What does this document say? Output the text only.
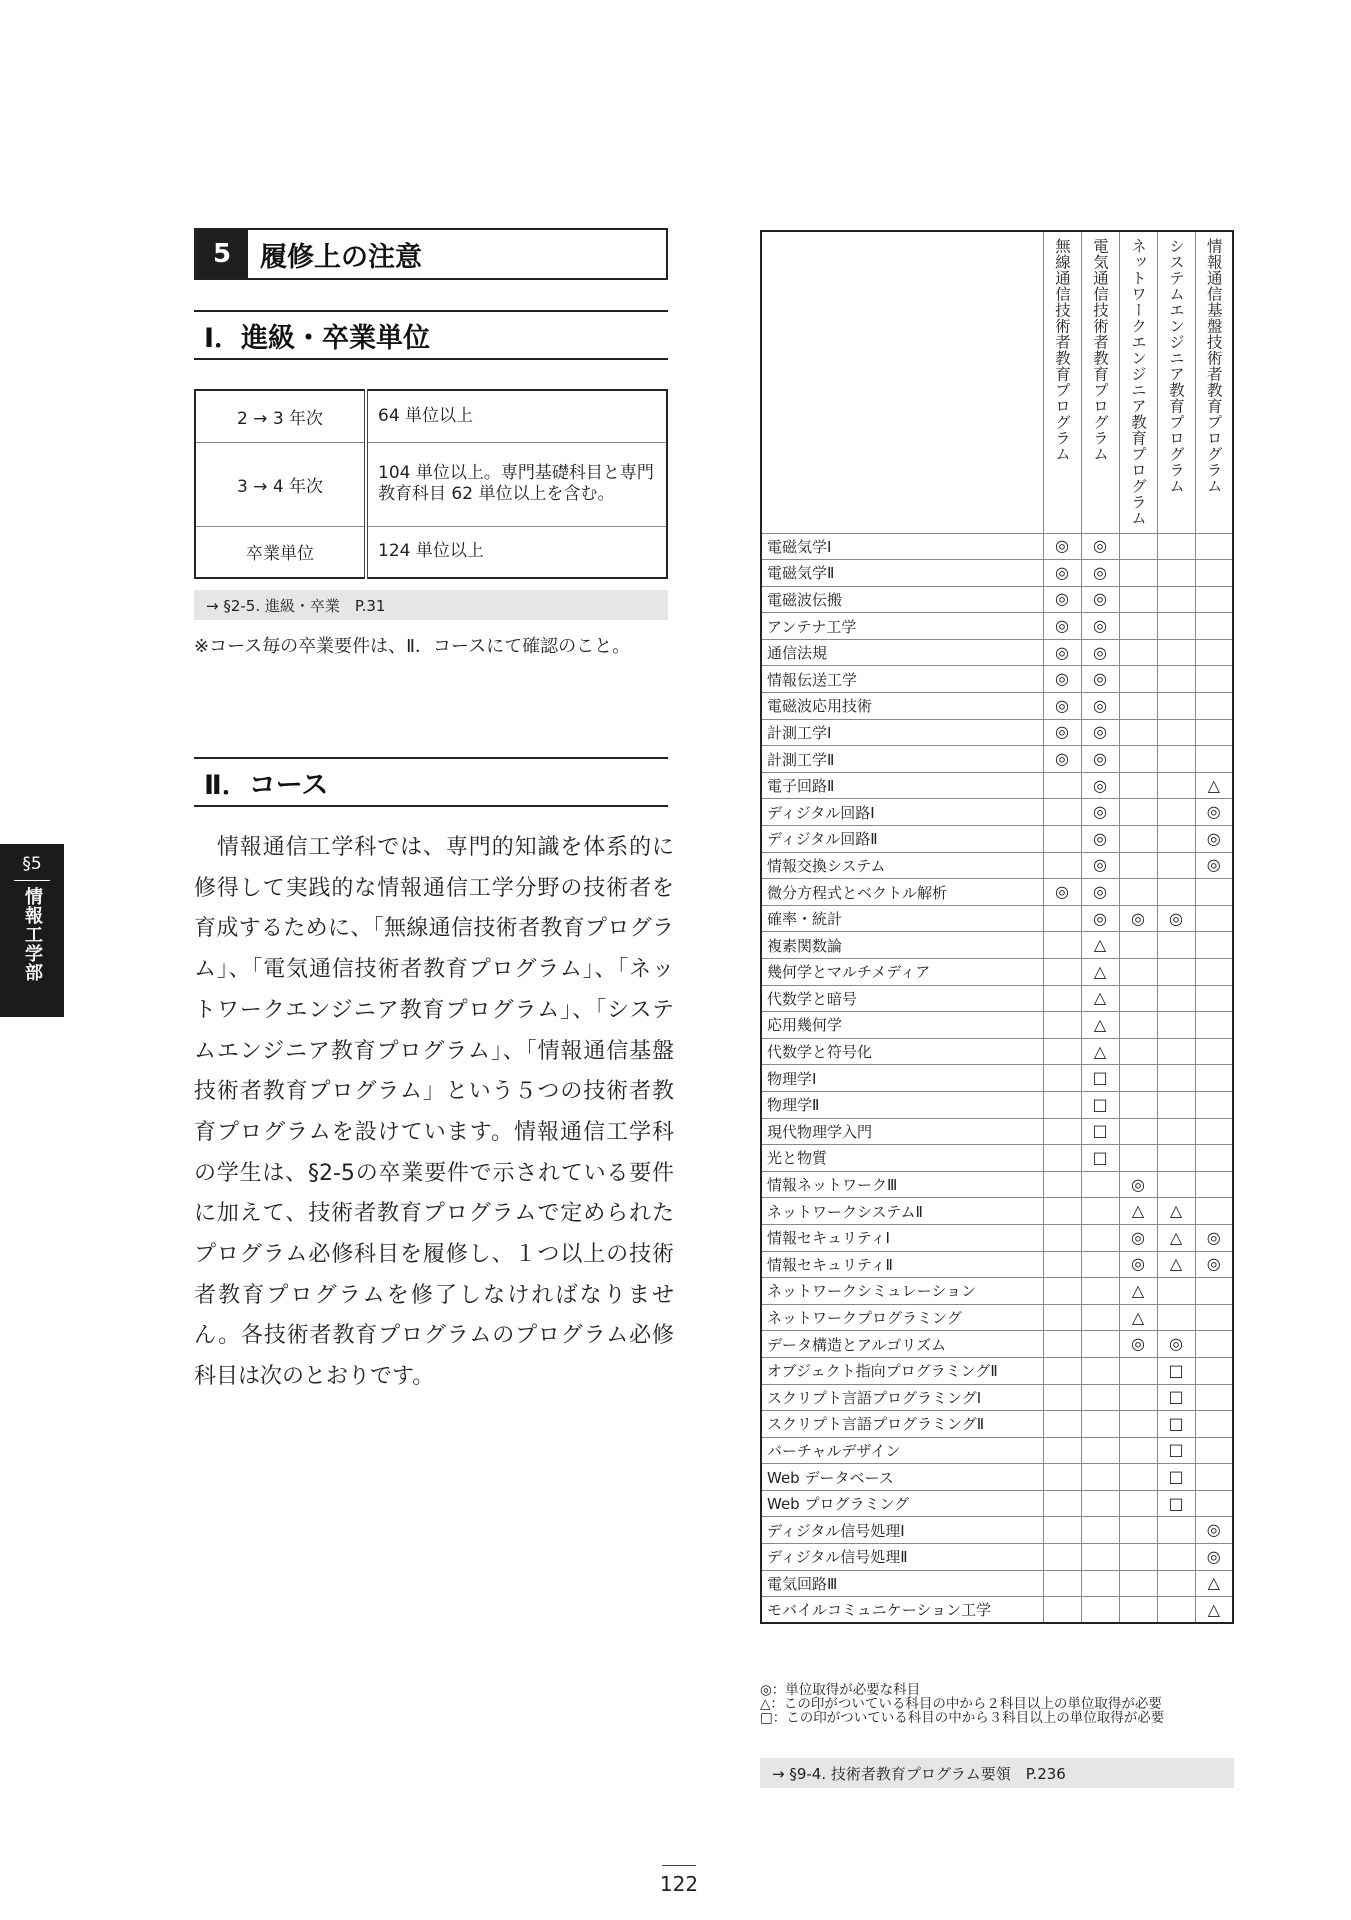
5	履修上の注意
Ⅰ．進級・卒業単位
2 → 3 年次	64 単位以上
3 → 4 年次	104 単位以上。専門基礎科目と専門教育科目 62 単位以上を含む。
卒業単位	124 単位以上
→ §2-5. 進級・卒業　P.31
※コース毎の卒業要件は、Ⅱ．コースにて確認のこと。
Ⅱ．コース
　情報通信工学科では、専門的知識を体系的に修得して実践的な情報通信工学分野の技術者を育成するために、「無線通信技術者教育プログラム」、「電気通信技術者教育プログラム」、「ネットワークエンジニア教育プログラム」、「システムエンジニア教育プログラム」、「情報通信基盤技術者教育プログラム」という５つの技術者教育プログラムを設けています。情報通信工学科の学生は、§2-5の卒業要件で示されている要件に加えて、技術者教育プログラムで定められたプログラム必修科目を履修し、１つ以上の技術者教育プログラムを修了しなければなりません。各技術者教育プログラムのプログラム必修科目は次のとおりです。
§5
情報工学部

	無線通信技術者教育プログラム	電気通信技術者教育プログラム	ネットワークエンジニア教育プログラム	システムエンジニア教育プログラム	情報通信基盤技術者教育プログラム

電磁気学Ⅰ	◎	◎			
電磁気学Ⅱ	◎	◎			
電磁波伝搬	◎	◎			
アンテナ工学	◎	◎			
通信法規	◎	◎			
情報伝送工学	◎	◎			
電磁波応用技術	◎	◎			
計測工学Ⅰ	◎	◎			
計測工学Ⅱ	◎	◎			
電子回路Ⅱ		◎			△
ディジタル回路Ⅰ		◎			◎
ディジタル回路Ⅱ		◎			◎
情報交換システム		◎			◎
微分方程式とベクトル解析	◎	◎			
確率・統計		◎	◎	◎	
複素関数論		△			
幾何学とマルチメディア		△			
代数学と暗号		△			
応用幾何学		△			
代数学と符号化		△			
物理学Ⅰ		□			
物理学Ⅱ		□			
現代物理学入門		□			
光と物質		□			
情報ネットワークⅢ			◎		
ネットワークシステムⅡ			△	△	
情報セキュリティⅠ			◎	△	◎
情報セキュリティⅡ			◎	△	◎
ネットワークシミュレーション			△		
ネットワークプログラミング			△		
データ構造とアルゴリズム			◎	◎	
オブジェクト指向プログラミングⅡ				□	
スクリプト言語プログラミングⅠ				□	
スクリプト言語プログラミングⅡ				□	
バーチャルデザイン				□	
Web データベース				□	
Web プログラミング				□	
ディジタル信号処理Ⅰ					◎
ディジタル信号処理Ⅱ					◎
電気回路Ⅲ					△
モバイルコミュニケーション工学					△
◎：単位取得が必要な科目
△：この印がついている科目の中から２科目以上の単位取得が必要
□：この印がついている科目の中から３科目以上の単位取得が必要
→ §9-4. 技術者教育プログラム要領　P.236
122
